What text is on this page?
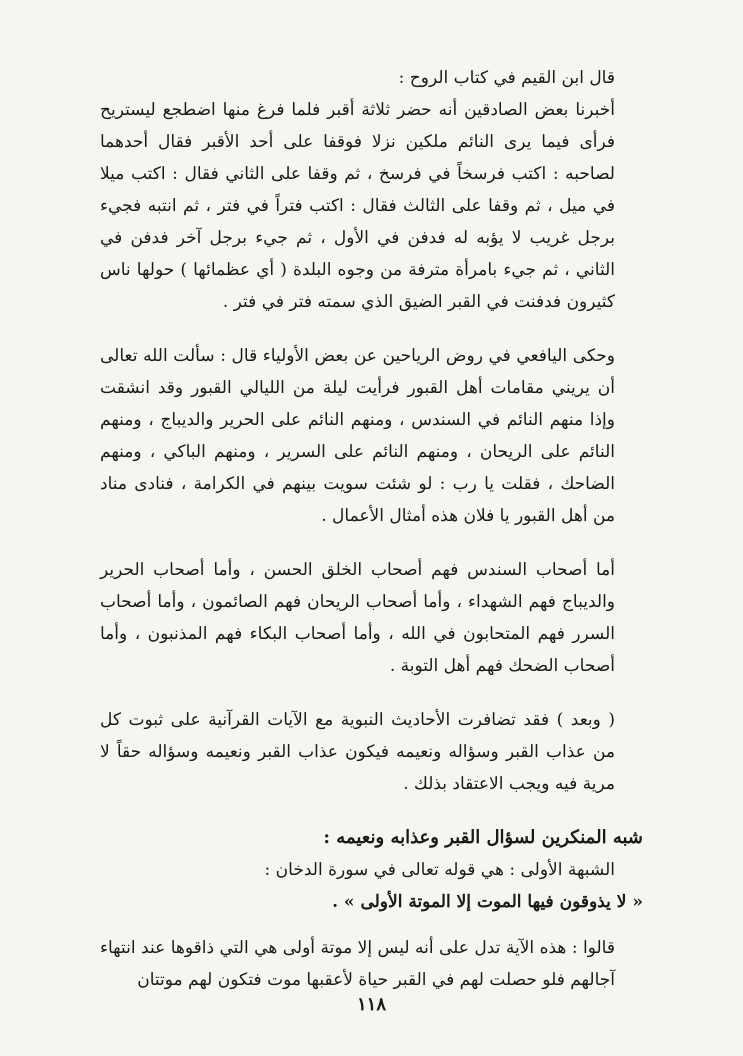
قال ابن القيم في كتاب الروح :

أخبرنا بعض الصادقين أنه حضر ثلاثة أقبر فلما فرغ منها اضطجع ليستريح فرأى فيما يرى النائم ملكين نزلا فوقفا على أحد الأقبر فقال أحدهما لصاحبه : اكتب فرسخاً في فرسخ ، ثم وقفا على الثاني فقال : اكتب ميلا في ميل ، ثم وقفا على الثالث فقال : اكتب فتراً في فتر ، ثم انتبه فجيء برجل غريب لا يؤبه له فدفن في الأول ، ثم جيء برجل آخر فدفن في الثاني ، ثم جيء بامرأة مترفة من وجوه البلدة ( أي عظمائها ) حولها ناس كثيرون فدفنت في القبر الضيق الذي سمته فتر في فتر .

وحكى اليافعي في روض الرياحين عن بعض الأولياء قال : سألت الله تعالى أن يريني مقامات أهل القبور فرأيت ليلة من الليالي القبور وقد انشقت وإذا منهم النائم في السندس ، ومنهم النائم على الحرير والديباج ، ومنهم النائم على الريحان ، ومنهم النائم على السرير ، ومنهم الباكي ، ومنهم الضاحك ، فقلت يا رب : لو شئت سويت بينهم في الكرامة ، فنادى مناد من أهل القبور يا فلان هذه أمثال الأعمال .

أما أصحاب السندس فهم أصحاب الخلق الحسن ، وأما أصحاب الحرير والديباج فهم الشهداء ، وأما أصحاب الريحان فهم الصائمون ، وأما أصحاب السرر فهم المتحابون في الله ، وأما أصحاب البكاء فهم المذنبون ، وأما أصحاب الضحك فهم أهل التوبة .

( وبعد ) فقد تضافرت الأحاديث النبوية مع الآيات القرآنية على ثبوت كل من عذاب القبر وسؤاله ونعيمه فيكون عذاب القبر ونعيمه وسؤاله حقاً لا مرية فيه ويجب الاعتقاد بذلك .

شبه المنكرين لسؤال القبر وعذابه ونعيمه :

الشبهة الأولى : هي قوله تعالى في سورة الدخان :

« لا يذوقون فيها الموت إلا الموتة الأولى » .

قالوا : هذه الآية تدل على أنه ليس إلا موتة أولى هي التي ذاقوها عند انتهاء آجالهم فلو حصلت لهم في القبر حياة لأعقبها موت فتكون لهم موتتان

١١٨
